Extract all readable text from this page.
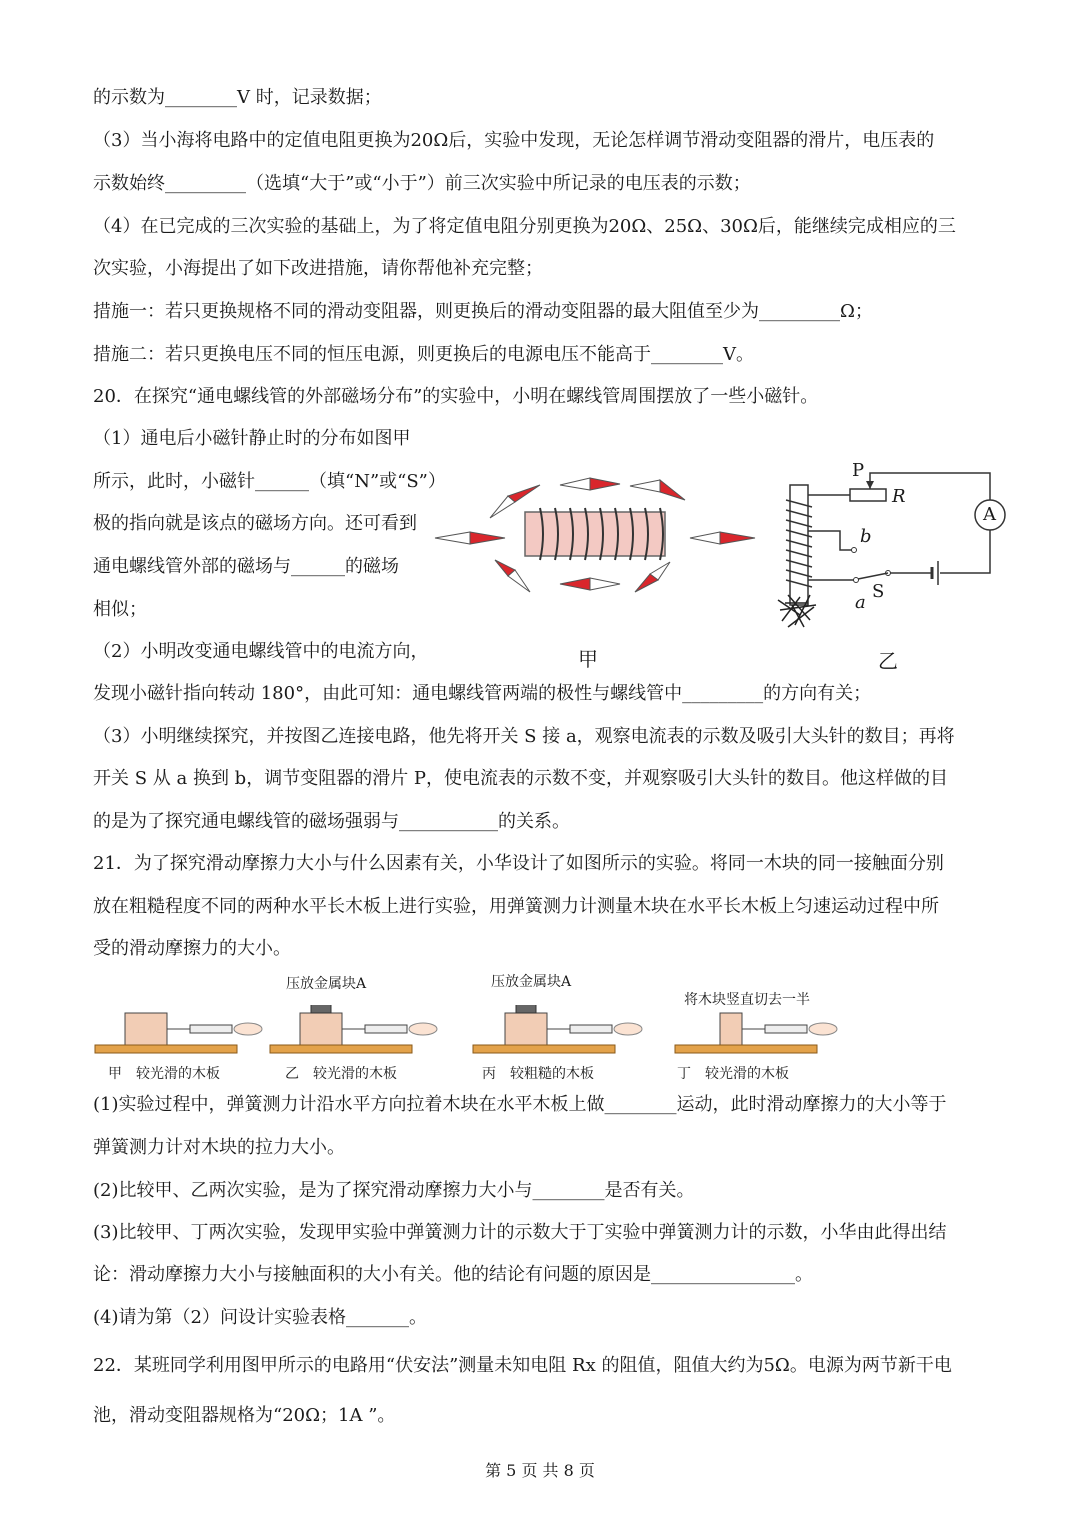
的示数为________V 时，记录数据；
（3）当小海将电路中的定值电阻更换为20Ω后，实验中发现，无论怎样调节滑动变阻器的滑片，电压表的
示数始终_________（选填“大于”或“小于”）前三次实验中所记录的电压表的示数；
（4）在已完成的三次实验的基础上，为了将定值电阻分别更换为20Ω、25Ω、30Ω后，能继续完成相应的三
次实验，小海提出了如下改进措施，请你帮他补充完整；
措施一：若只更换规格不同的滑动变阻器，则更换后的滑动变阻器的最大阻值至少为_________Ω；
措施二：若只更换电压不同的恒压电源，则更换后的电源电压不能高于________V。
20．在探究“通电螺线管的外部磁场分布”的实验中，小明在螺线管周围摆放了一些小磁针。
（1）通电后小磁针静止时的分布如图甲
所示，此时，小磁针______（填“N”或“S”）
极的指向就是该点的磁场方向。还可看到
通电螺线管外部的磁场与______的磁场
相似；
（2）小明改变通电螺线管中的电流方向，
发现小磁针指向转动 180°，由此可知：通电螺线管两端的极性与螺线管中_________的方向有关；
（3）小明继续探究，并按图乙连接电路，他先将开关 S 接 a，观察电流表的示数及吸引大头针的数目；再将
开关 S 从 a 换到 b，调节变阻器的滑片 P，使电流表的示数不变，并观察吸引大头针的数目。他这样做的目
的是为了探究通电螺线管的磁场强弱与___________的关系。
21．为了探究滑动摩擦力大小与什么因素有关，小华设计了如图所示的实验。将同一木块的同一接触面分别
放在粗糙程度不同的两种水平长木板上进行实验，用弹簧测力计测量木块在水平长木板上匀速运动过程中所
受的滑动摩擦力的大小。
(1)实验过程中，弹簧测力计沿水平方向拉着木块在水平木板上做________运动，此时滑动摩擦力的大小等于
弹簧测力计对木块的拉力大小。
(2)比较甲、乙两次实验，是为了探究滑动摩擦力大小与________是否有关。
(3)比较甲、丁两次实验，发现甲实验中弹簧测力计的示数大于丁实验中弹簧测力计的示数，小华由此得出结
论：滑动摩擦力大小与接触面积的大小有关。他的结论有问题的原因是________________。
(4)请为第（2）问设计实验表格_______。
22．某班同学利用图甲所示的电路用“伏安法”测量未知电阻 Rx 的阻值，阻值大约为5Ω。电源为两节新干电
池，滑动变阻器规格为“20Ω；1A ”。
甲
P
R
A
b
S
a
乙
压放金属块A	压放金属块A
将木块竖直切去一半
甲　较光滑的木板	乙　较光滑的木板	丙　较粗糙的木板	丁　较光滑的木板
第 5 页 共 8 页
